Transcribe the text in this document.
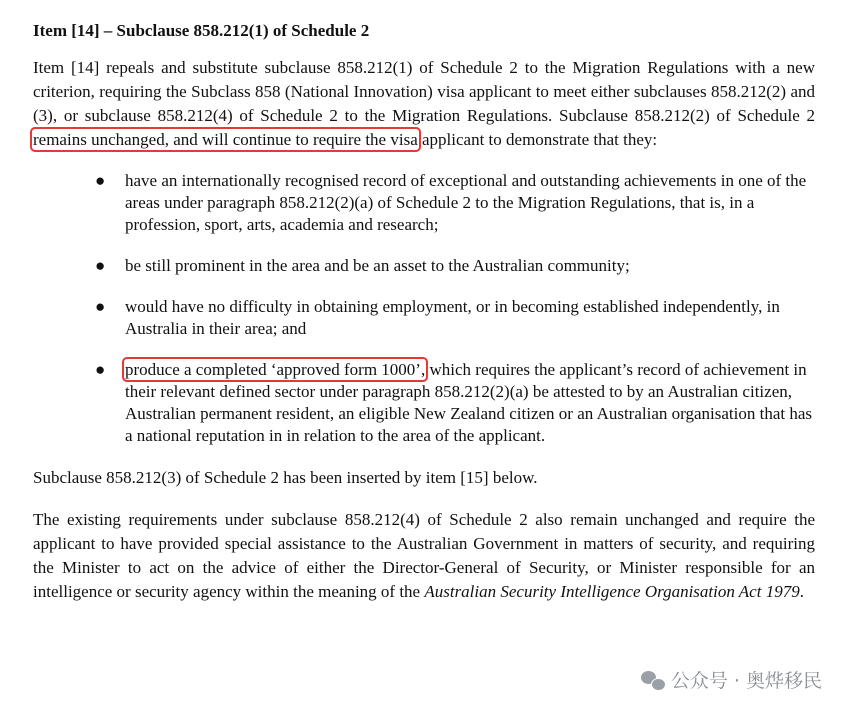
Item [14] – Subclause 858.212(1) of Schedule 2

Item [14] repeals and substitute subclause 858.212(1) of Schedule 2 to the Migration Regulations with a new criterion, requiring the Subclass 858 (National Innovation) visa applicant to meet either subclauses 858.212(2) and (3), or subclause 858.212(4) of Schedule 2 to the Migration Regulations. Subclause 858.212(2) of Schedule 2 remains unchanged, and will continue to require the visa applicant to demonstrate that they:

● have an internationally recognised record of exceptional and outstanding achievements in one of the areas under paragraph 858.212(2)(a) of Schedule 2 to the Migration Regulations, that is, in a profession, sport, arts, academia and research;
● be still prominent in the area and be an asset to the Australian community;
● would have no difficulty in obtaining employment, or in becoming established independently, in Australia in their area; and
● produce a completed ‘approved form 1000’, which requires the applicant’s record of achievement in their relevant defined sector under paragraph 858.212(2)(a) be attested to by an Australian citizen, Australian permanent resident, an eligible New Zealand citizen or an Australian organisation that has a national reputation in in relation to the area of the applicant.

Subclause 858.212(3) of Schedule 2 has been inserted by item [15] below.

The existing requirements under subclause 858.212(4) of Schedule 2 also remain unchanged and require the applicant to have provided special assistance to the Australian Government in matters of security, and requiring the Minister to act on the advice of either the Director-General of Security, or Minister responsible for an intelligence or security agency within the meaning of the Australian Security Intelligence Organisation Act 1979.

公众号 · 奥烨移民
